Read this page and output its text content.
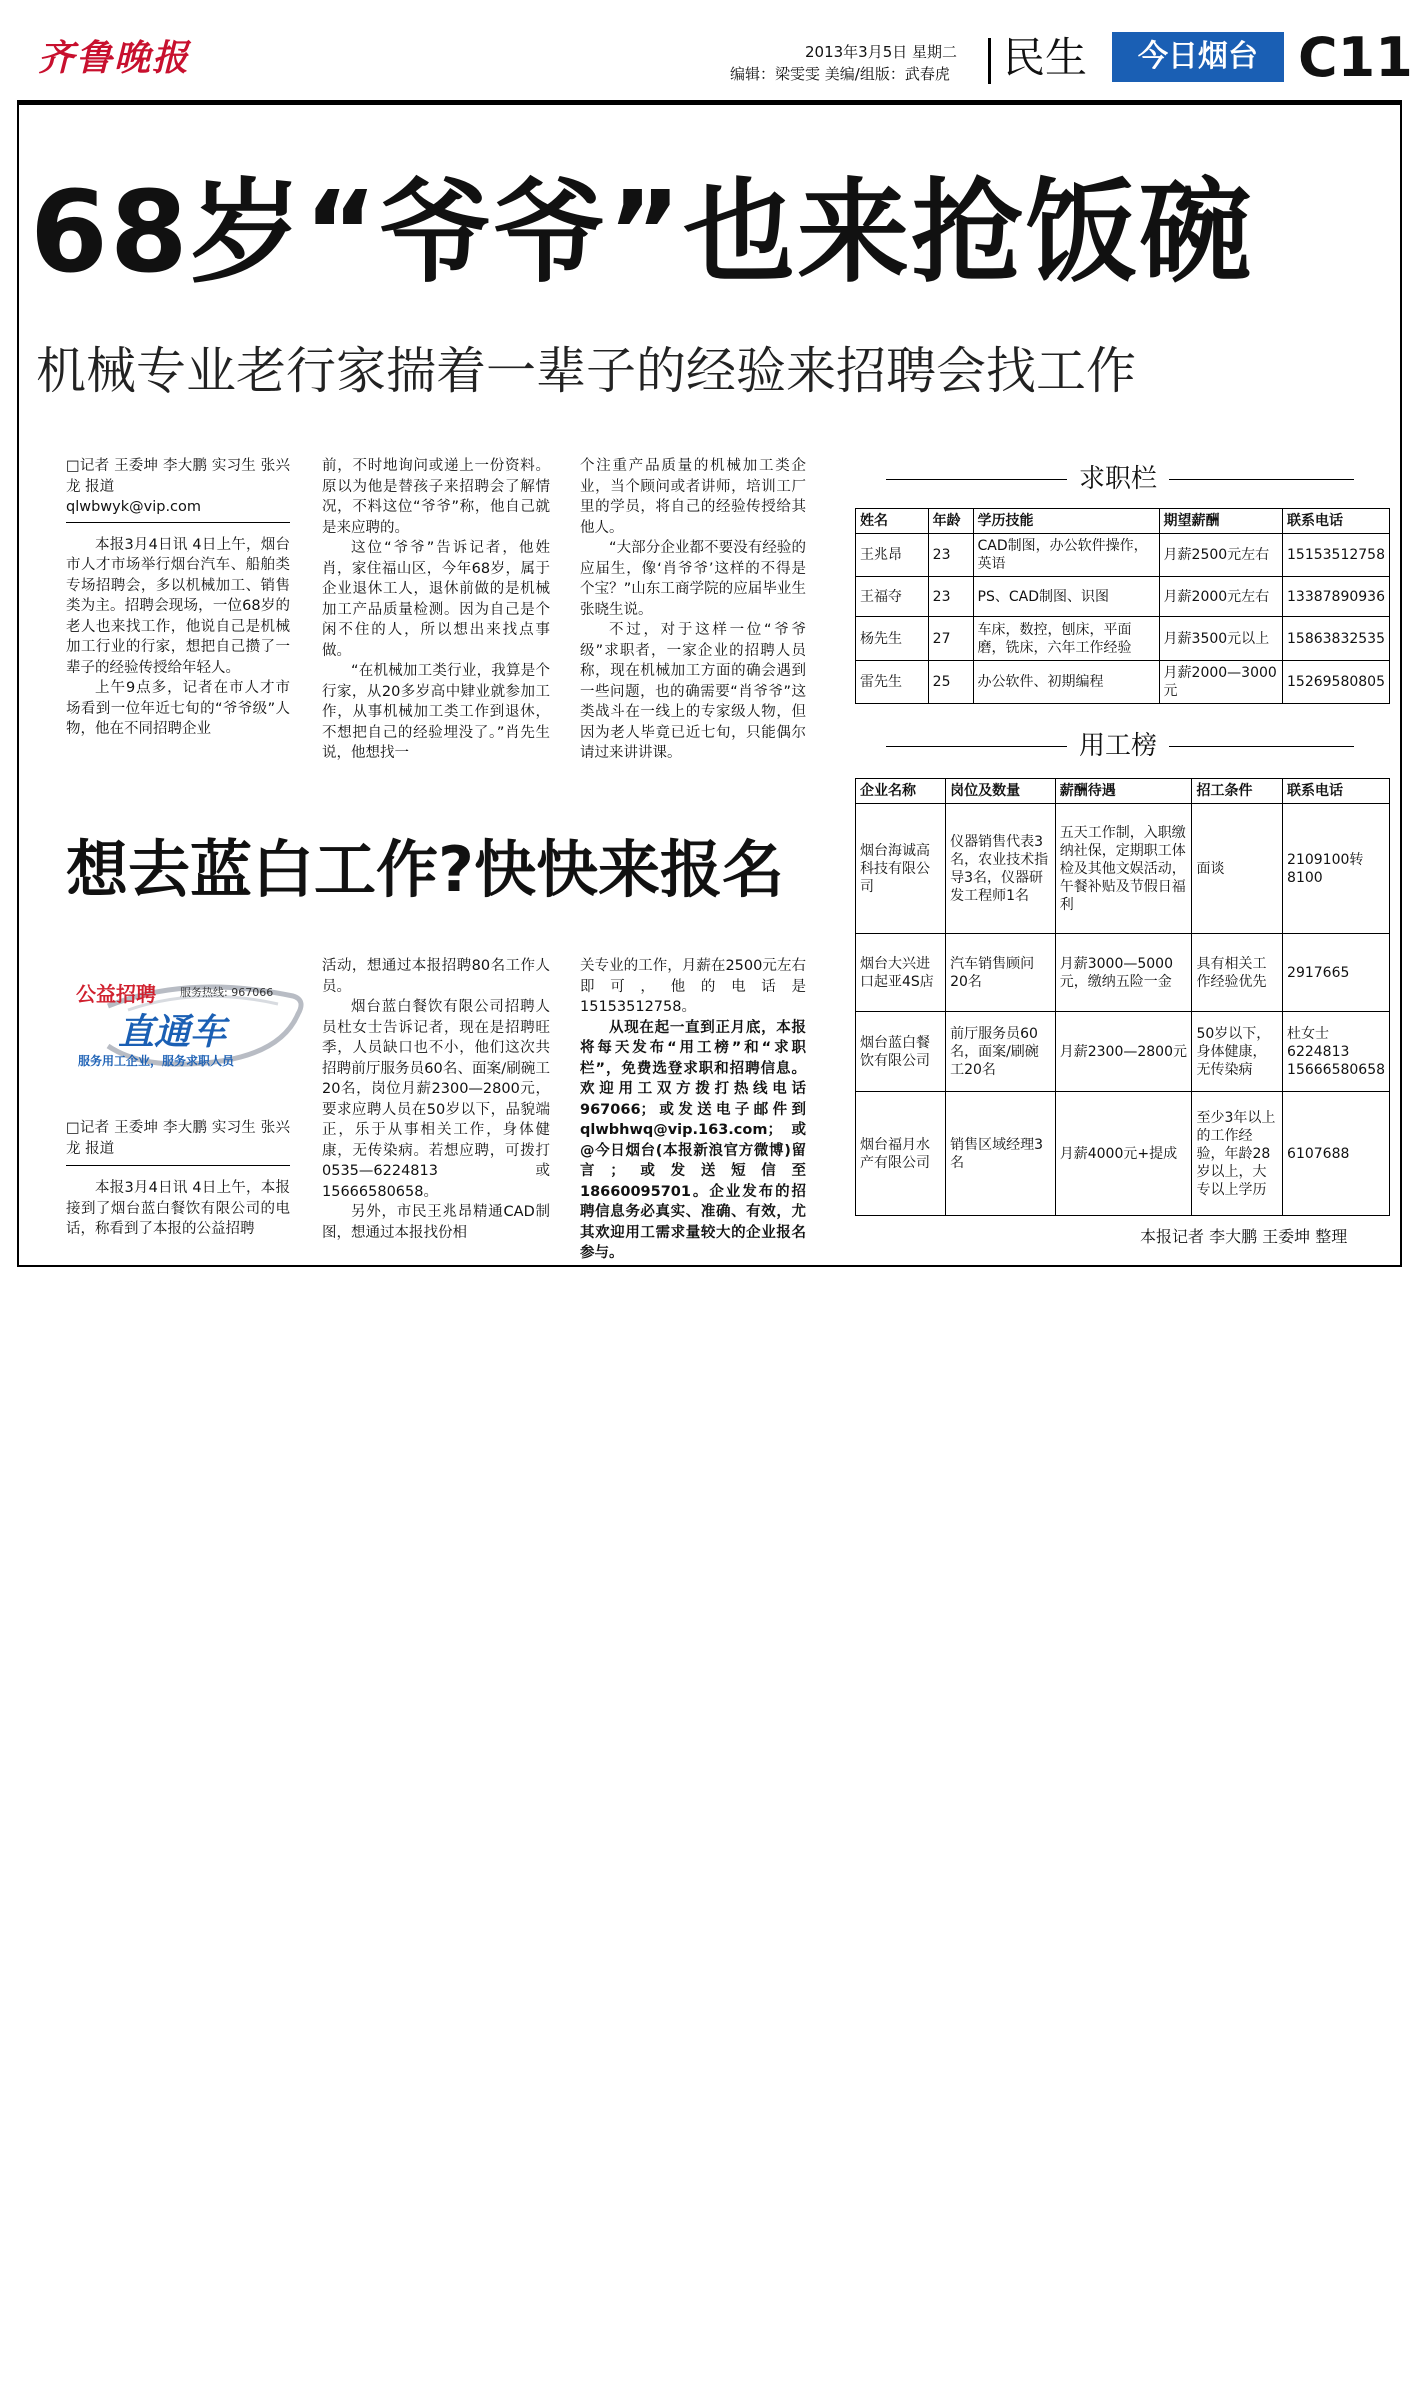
齐鲁晚报	2013年3月5日 星期二
编辑：梁雯雯 美编/组版：武春虎 民生	今日烟台 C11
68岁“爷爷”也来抢饭碗
机械专业老行家揣着一辈子的经验来招聘会找工作

□记者 王委坤 李大鹏 实习生 张兴龙 报道

qlwbwyk@vip.com

本报3月4日讯 4日上午，烟台市人才市场举行烟台汽车、船舶类专场招聘会，多以机械加工、销售类为主。招聘会现场，一位68岁的老人也来找工作，他说自己是机械加工行业的行家，想把自己攒了一辈子的经验传授给年轻人。

上午9点多，记者在市人才市场看到一位年近七旬的“爷爷级”人物，他在不同招聘企业

前，不时地询问或递上一份资料。原以为他是替孩子来招聘会了解情况，不料这位“爷爷”称，他自己就是来应聘的。

这位“爷爷”告诉记者，他姓肖，家住福山区，今年68岁，属于企业退休工人，退休前做的是机械加工产品质量检测。因为自己是个闲不住的人，所以想出来找点事做。

“在机械加工类行业，我算是个行家，从20多岁高中肄业就参加工作，从事机械加工类工作到退休，不想把自己的经验埋没了。”肖先生说，他想找一

个注重产品质量的机械加工类企业，当个顾问或者讲师，培训工厂里的学员，将自己的经验传授给其他人。

“大部分企业都不要没有经验的应届生，像‘肖爷爷’这样的不得是个宝？”山东工商学院的应届毕业生张晓生说。

不过，对于这样一位“爷爷级”求职者，一家企业的招聘人员称，现在机械加工方面的确会遇到一些问题，也的确需要“肖爷爷”这类战斗在一线上的专家级人物，但因为老人毕竟已近七旬，只能偶尔请过来讲讲课。

求职栏
姓名	年龄	学历技能	期望薪酬	联系电话
王兆昂	23	CAD制图，办公软件操作，英语	月薪2500元左右	15153512758
王福夺	23	PS、CAD制图、识图	月薪2000元左右	13387890936
杨先生	27	车床，数控，刨床，平面磨，铣床，六年工作经验	月薪3500元以上	15863832535
雷先生	25	办公软件、初期编程	月薪2000—3000元	15269580805
用工榜
企业名称	岗位及数量	薪酬待遇	招工条件	联系电话
烟台海诚高科技有限公司	仪器销售代表3名，农业技术指导3名，仪器研发工程师1名	五天工作制，入职缴纳社保，定期职工体检及其他文娱活动，午餐补贴及节假日福利	面谈	2109100转8100
烟台大兴进口起亚4S店	汽车销售顾问20名	月薪3000—5000元，缴纳五险一金	具有相关工作经验优先	2917665
烟台蓝白餐饮有限公司	前厅服务员60名，面案/刷碗工20名	月薪2300—2800元	50岁以下，身体健康，无传染病	杜女士 6224813 15666580658
烟台福月水产有限公司	销售区域经理3名	月薪4000元+提成	至少3年以上的工作经验，年龄28岁以上，大专以上学历	6107688
本报记者 李大鹏 王委坤 整理
想去蓝白工作?快快来报名
公益招聘 服务热线: 967066
直通车
服务用工企业，服务求职人员

□记者 王委坤 李大鹏 实习生 张兴龙 报道

本报3月4日讯 4日上午，本报接到了烟台蓝白餐饮有限公司的电话，称看到了本报的公益招聘

活动，想通过本报招聘80名工作人员。

烟台蓝白餐饮有限公司招聘人员杜女士告诉记者，现在是招聘旺季，人员缺口也不小，他们这次共招聘前厅服务员60名、面案/刷碗工20名，岗位月薪2300—2800元，要求应聘人员在50岁以下，品貌端正，乐于从事相关工作，身体健康，无传染病。若想应聘，可拨打0535—6224813或15666580658。

另外，市民王兆昂精通CAD制图，想通过本报找份相

关专业的工作，月薪在2500元左右即可，他的电话是15153512758。

从现在起一直到正月底，本报将每天发布“用工榜”和“求职栏”，免费选登求职和招聘信息。欢迎用工双方拨打热线电话967066；或发送电子邮件到qlwbhwq@vip.163.com；或@今日烟台(本报新浪官方微博)留言；或发送短信至18660095701。企业发布的招聘信息务必真实、准确、有效，尤其欢迎用工需求量较大的企业报名参与。
